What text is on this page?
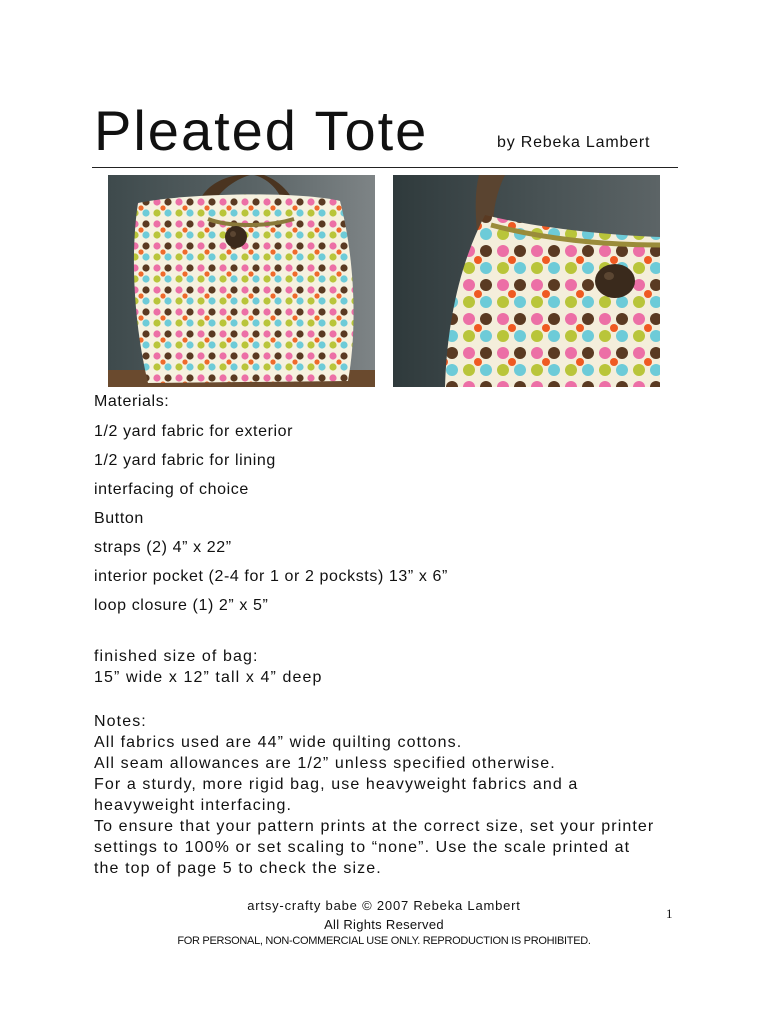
Pleated Tote	by Rebeka Lambert
Materials:
1/2 yard fabric for exterior
1/2 yard fabric for lining
interfacing of choice
Button
straps (2) 4” x 22”
interior pocket (2-4 for 1 or 2 pocksts) 13” x 6”
loop closure (1) 2” x 5”
finished size of bag:
15” wide x 12” tall x 4” deep
Notes:
All fabrics used are 44” wide quilting cottons.
All seam allowances are 1/2” unless specified otherwise.
For a sturdy, more rigid bag, use heavyweight fabrics and a
heavyweight interfacing.
To ensure that your pattern prints at the correct size, set your printer
settings to 100% or set scaling to “none”. Use the scale printed at
the top of page 5 to check the size.
artsy-crafty babe © 2007 Rebeka Lambert
All Rights Reserved
FOR PERSONAL, NON-COMMERCIAL USE ONLY. REPRODUCTION IS PROHIBITED.
1
